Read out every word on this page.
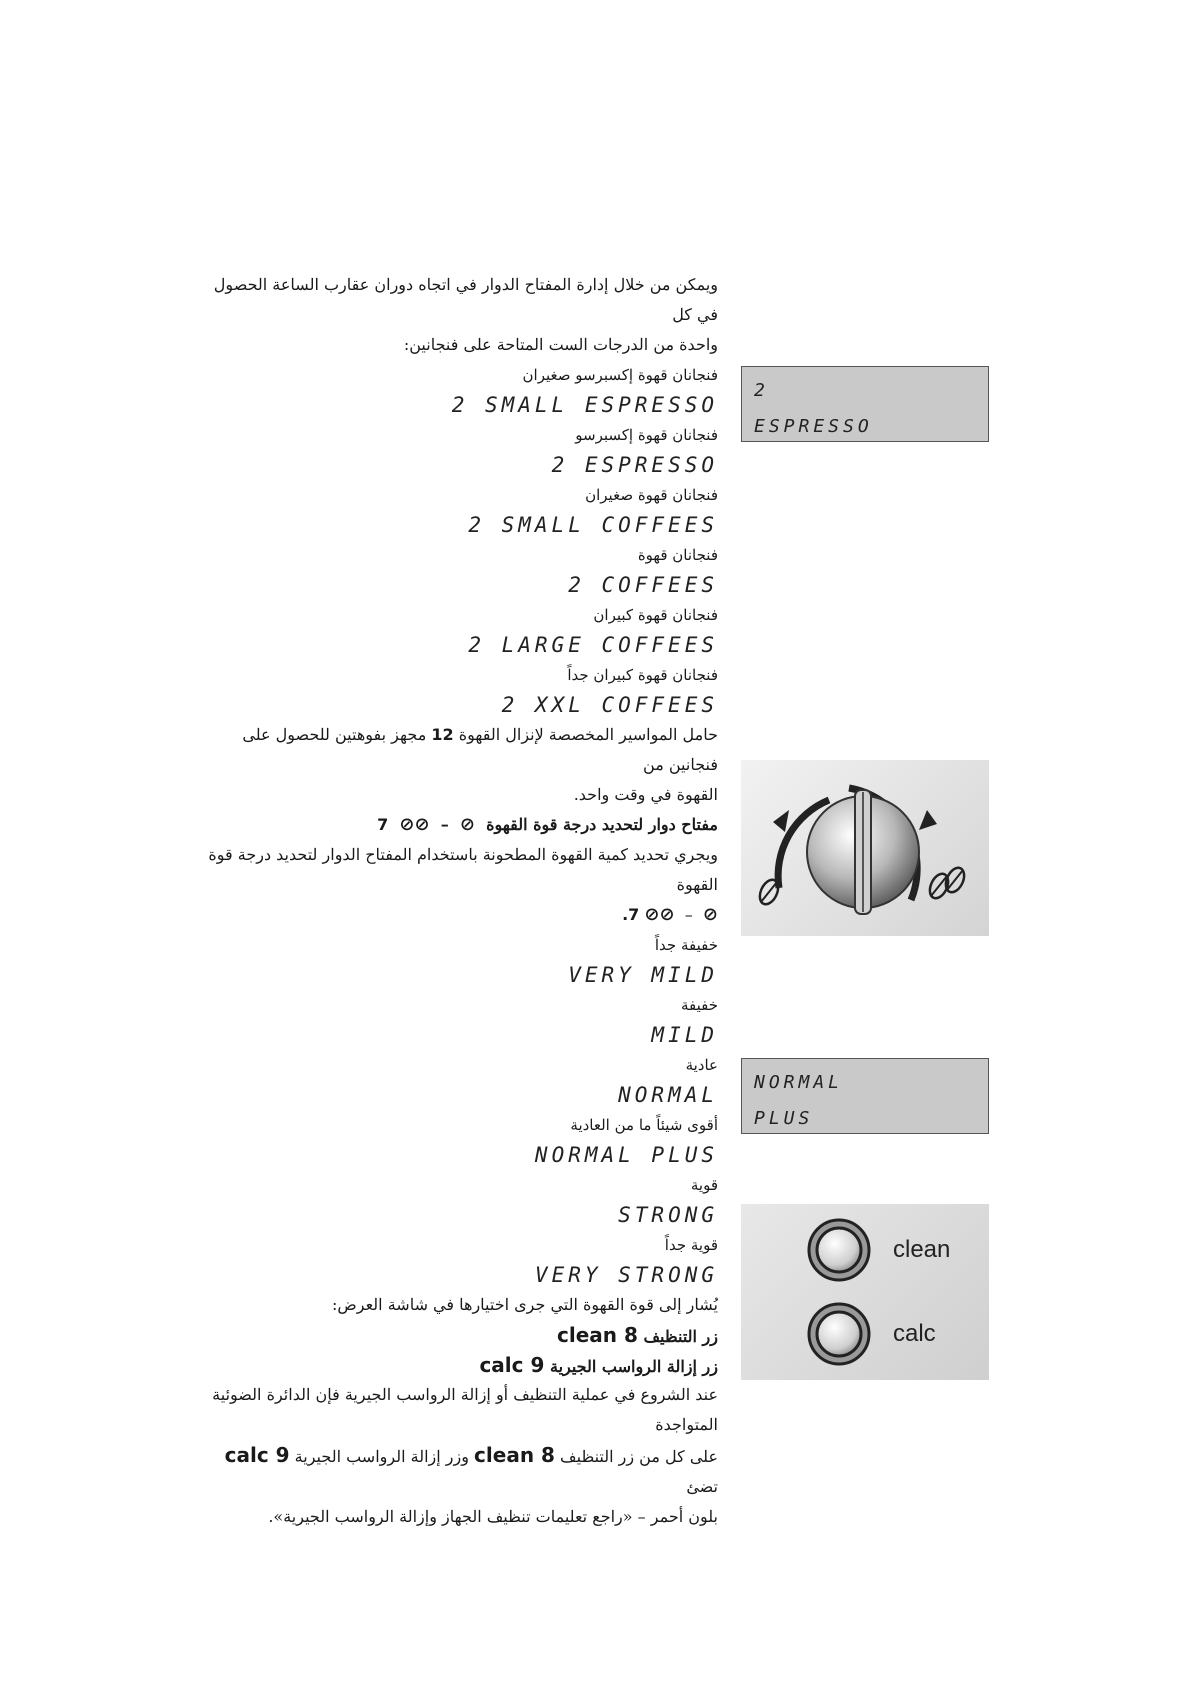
ويمكن من خلال إدارة المفتاح الدوار في اتجاه دوران عقارب الساعة الحصول في كل

واحدة من الدرجات الست المتاحة على فنجانين:

فنجانان قهوة إكسبرسو صغيران

2 SMALL ESPRESSO

فنجانان قهوة إكسبرسو

2 ESPRESSO

فنجانان قهوة صغيران

2 SMALL COFFEES

فنجانان قهوة

2 COFFEES

فنجانان قهوة كبيران

2 LARGE COFFEES

فنجانان قهوة كبيران جداً

2 XXL COFFEES

حامل المواسير المخصصة لإنزال القهوة 12 مجهز بفوهتين للحصول على فنجانين من

القهوة في وقت واحد.

مفتاح دوار لتحديد درجة قوة القهوة  ⊘  –  ⊘⊘  7

ويجري تحديد كمية القهوة المطحونة باستخدام المفتاح الدوار لتحديد درجة قوة القهوة

⊘  –  ⊘⊘ 7.

خفيفة جداً

VERY MILD

خفيفة

MILD

عادية

NORMAL

أقوى شيئاً ما من العادية

NORMAL PLUS

قوية

STRONG

قوية جداً

VERY STRONG

يُشار إلى قوة القهوة التي جرى اختيارها في شاشة العرض:

زر التنظيف 8 clean

زر إزالة الرواسب الجيرية 9 calc

عند الشروع في عملية التنظيف أو إزالة الرواسب الجيرية فإن الدائرة الضوئية المتواجدة

على كل من زر التنظيف 8 clean وزر إزالة الرواسب الجيرية 9 calc تضئ

بلون أحمر – «راجع تعليمات تنظيف الجهاز وإزالة الرواسب الجيرية».

2
ESPRESSO
NORMAL
PLUS
clean
calc
